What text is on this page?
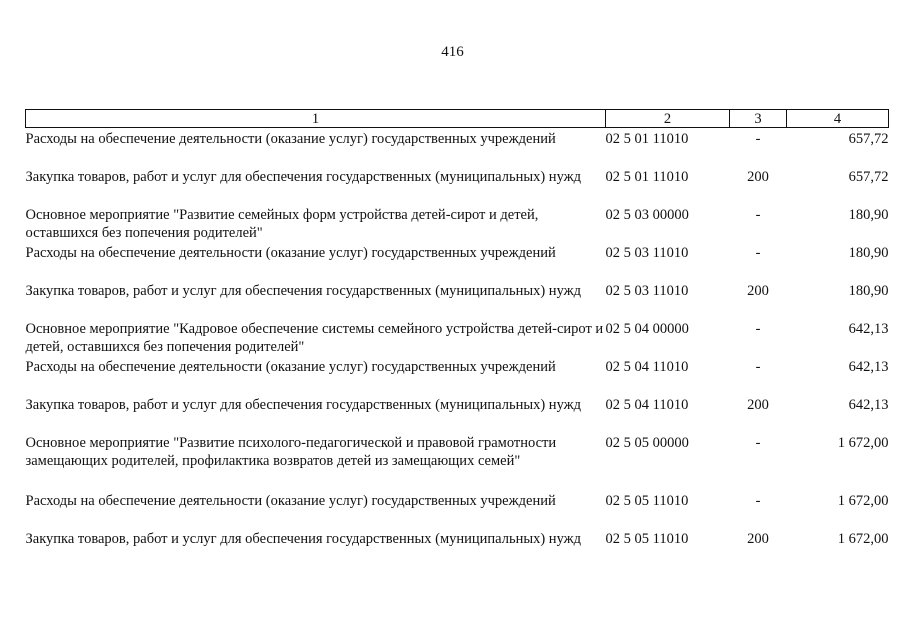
416
1	2	3	4
Расходы на обеспечение деятельности (оказание услуг) государственных учреждений	02 5 01 11010	-	657,72
Закупка товаров, работ и услуг для обеспечения государственных (муниципальных) нужд	02 5 01 11010	200	657,72
Основное мероприятие "Развитие семейных форм устройства детей-сирот и детей, оставшихся без попечения родителей"	02 5 03 00000	-	180,90
Расходы на обеспечение деятельности (оказание услуг) государственных учреждений	02 5 03 11010	-	180,90
Закупка товаров, работ и услуг для обеспечения государственных (муниципальных) нужд	02 5 03 11010	200	180,90
Основное мероприятие "Кадровое обеспечение системы семейного устройства детей-сирот и детей, оставшихся без попечения родителей"	02 5 04 00000	-	642,13
Расходы на обеспечение деятельности (оказание услуг) государственных учреждений	02 5 04 11010	-	642,13
Закупка товаров, работ и услуг для обеспечения государственных (муниципальных) нужд	02 5 04 11010	200	642,13
Основное мероприятие "Развитие психолого-педагогической и правовой грамотности замещающих родителей, профилактика возвратов детей из замещающих семей"	02 5 05 00000	-	1 672,00
Расходы на обеспечение деятельности (оказание услуг) государственных учреждений	02 5 05 11010	-	1 672,00
Закупка товаров, работ и услуг для обеспечения государственных (муниципальных) нужд	02 5 05 11010	200	1 672,00
